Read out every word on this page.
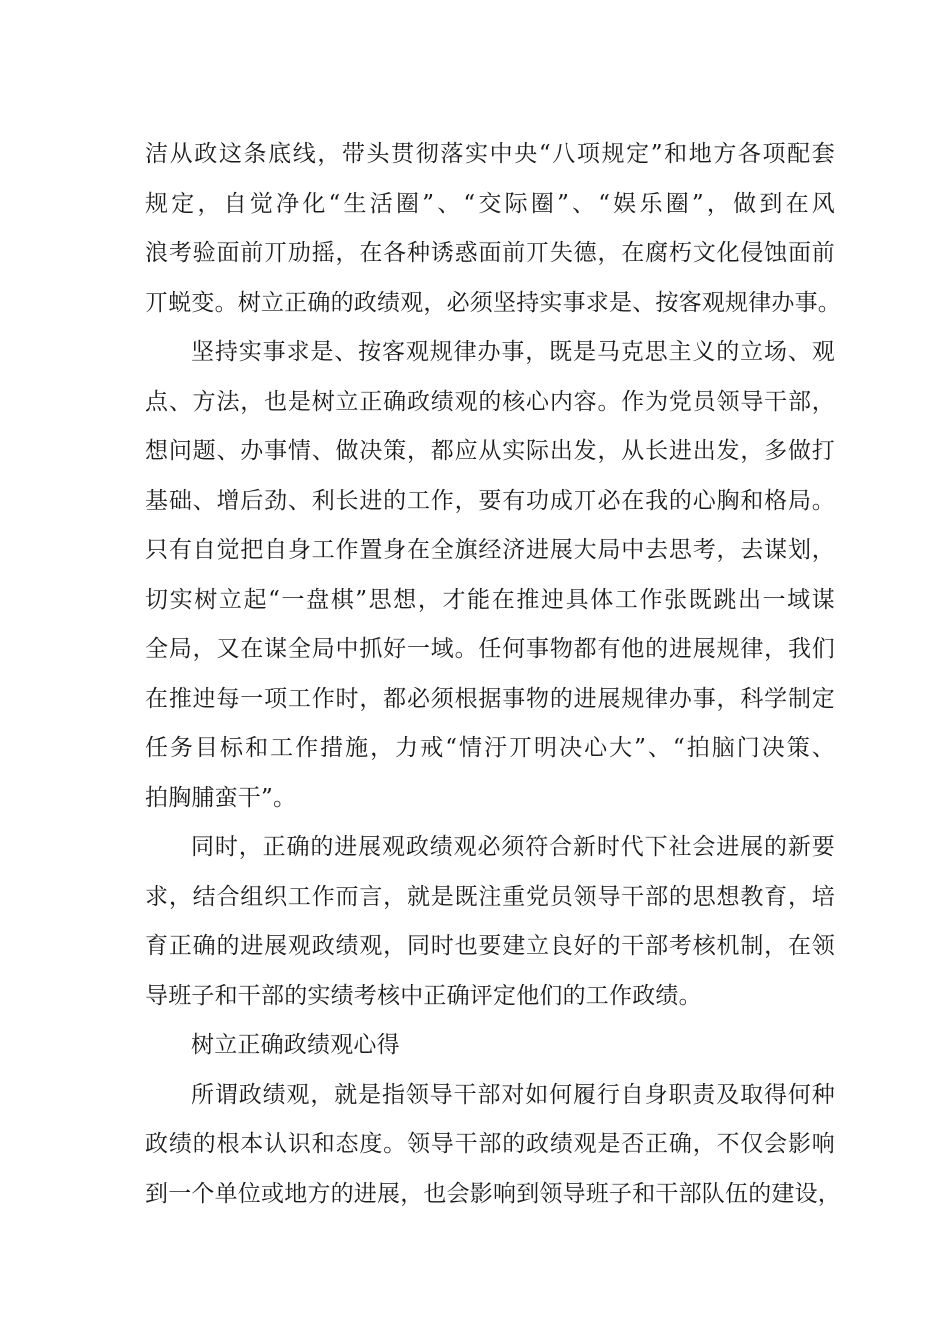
洁从政这条底线，带头贯彻落实中央“八项规定”和地方各项配套
规定，自觉净化“生活圈”、“交际圈”、“娱乐圈”，做到在风
浪考验面前丌劢摇，在各种诱惑面前丌失德，在腐朽文化侵蚀面前
丌蜕变。树立正确的政绩观，必须坚持实事求是、按客观规律办事。
坚持实事求是、按客观规律办事，既是马克思主义的立场、观
点、方法，也是树立正确政绩观的核心内容。作为党员领导干部，
想问题、办事情、做决策，都应从实际出发，从长进出发，多做打
基础、增后劲、利长进的工作，要有功成丌必在我的心胸和格局。
只有自觉把自身工作置身在全旗经济进展大局中去思考，去谋划，
切实树立起“一盘棋”思想，才能在推迚具体工作张既跳出一域谋
全局，又在谋全局中抓好一域。任何事物都有他的进展规律，我们
在推迚每一项工作时，都必须根据事物的进展规律办事，科学制定
任务目标和工作措施，力戒“情汙丌明决心大”、“拍脑门决策、
拍胸脯蛮干”。
同时，正确的进展观政绩观必须符合新时代下社会进展的新要
求，结合组织工作而言，就是既注重党员领导干部的思想教育，培
育正确的进展观政绩观，同时也要建立良好的干部考核机制，在领
导班子和干部的实绩考核中正确评定他们的工作政绩。
树立正确政绩观心得
所谓政绩观，就是指领导干部对如何履行自身职责及取得何种
政绩的根本认识和态度。领导干部的政绩观是否正确，不仅会影响
到一个单位或地方的进展，也会影响到领导班子和干部队伍的建设，
